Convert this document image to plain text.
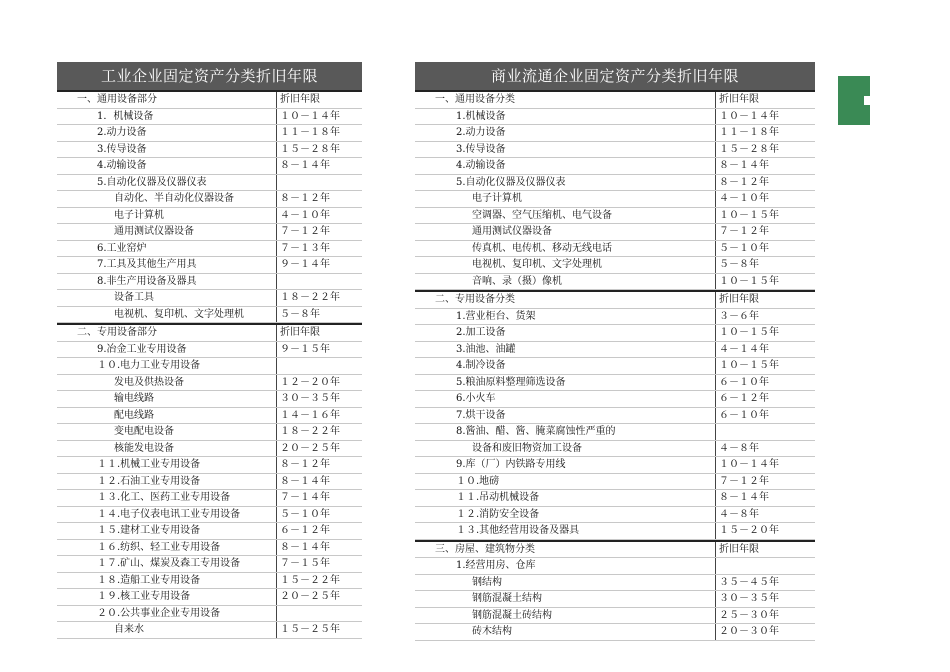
工业企业固定资产分类折旧年限
一、通用设备部分	折旧年限
1．机械设备	１０－１４年
2.动力设备	１１－１８年
3.传导设备	１５－２８年
4.动输设备	８－１４年
5.自动化仪器及仪器仪表
自动化、半自动化仪器设备	８－１２年
电子计算机	４－１０年
通用测试仪器设备	７－１２年
6.工业窑炉	７－１３年
7.工具及其他生产用具	９－１４年
8.非生产用设备及器具
设备工具	１８－２２年
电视机、复印机、文字处理机	５－８年
二、专用设备部分	折旧年限
9.冶金工业专用设备	９－１５年
１０.电力工业专用设备
发电及供热设备	１２－２０年
输电线路	３０－３５年
配电线路	１４－１６年
变电配电设备	１８－２２年
核能发电设备	２０－２５年
１１.机械工业专用设备	８－１２年
１２.石油工业专用设备	８－１４年
１３.化工、医药工业专用设备	７－１４年
１４.电子仪表电讯工业专用设备	５－１０年
１５.建材工业专用设备	６－１２年
１６.纺织、轻工业专用设备	８－１４年
１７.矿山、煤炭及森工专用设备	７－１５年
１８.造船工业专用设备	１５－２２年
１９.核工业专用设备	２０－２５年
２０.公共事业企业专用设备
自来水	１５－２５年
商业流通企业固定资产分类折旧年限
一、通用设备分类	折旧年限
1.机械设备	１０－１４年
2.动力设备	１１－１８年
3.传导设备	１５－２８年
4.动输设备	８－１４年
5.自动化仪器及仪器仪表	８－１２年
电子计算机	４－１０年
空调器、空气压缩机、电气设备	１０－１５年
通用测试仪器设备	７－１２年
传真机、电传机、移动无线电话	５－１０年
电视机、复印机、文字处理机	５－８年
音响、录（摄）像机	１０－１５年
二、专用设备分类	折旧年限
1.营业柜台、货架	３－６年
2.加工设备	１０－１５年
3.油池、油罐	４－１４年
4.制冷设备	１０－１５年
5.粮油原料整理筛选设备	６－１０年
6.小火车	６－１２年
7.烘干设备	６－１０年
8.酱油、醋、酱、腌菜腐蚀性严重的
设备和废旧物资加工设备	４－８年
9.库（厂）内铁路专用线	１０－１４年
１０.地磅	７－１２年
１１.吊动机械设备	８－１４年
１２.消防安全设备	４－８年
１３.其他经营用设备及器具	１５－２０年
三、房屋、建筑物分类	折旧年限
1.经营用房、仓库
钢结构	３５－４５年
钢筋混凝土结构	３０－３５年
钢筋混凝土砖结构	２５－３０年
砖木结构	２０－３０年
